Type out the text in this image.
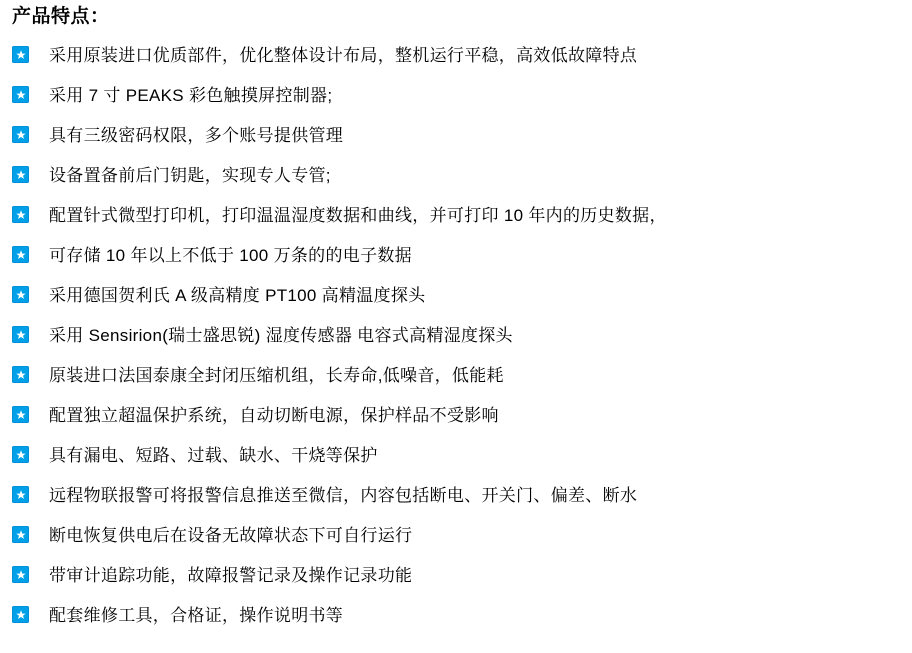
产品特点：
采用原装进口优质部件，优化整体设计布局，整机运行平稳，高效低故障特点
采用 7 寸 PEAKS 彩色触摸屏控制器;
具有三级密码权限，多个账号提供管理
设备置备前后门钥匙，实现专人专管;
配置针式微型打印机，打印温温湿度数据和曲线，并可打印 10 年内的历史数据，
可存储 10 年以上不低于 100 万条的的电子数据
采用德国贺利氏 A 级高精度 PT100 高精温度探头
采用 Sensirion(瑞士盛思锐) 湿度传感器 电容式高精湿度探头
原装进口法国泰康全封闭压缩机组，长寿命,低噪音，低能耗
配置独立超温保护系统，自动切断电源，保护样品不受影响
具有漏电、短路、过载、缺水、干烧等保护
远程物联报警可将报警信息推送至微信，内容包括断电、开关门、偏差、断水
断电恢复供电后在设备无故障状态下可自行运行
带审计追踪功能，故障报警记录及操作记录功能
配套维修工具，合格证，操作说明书等
